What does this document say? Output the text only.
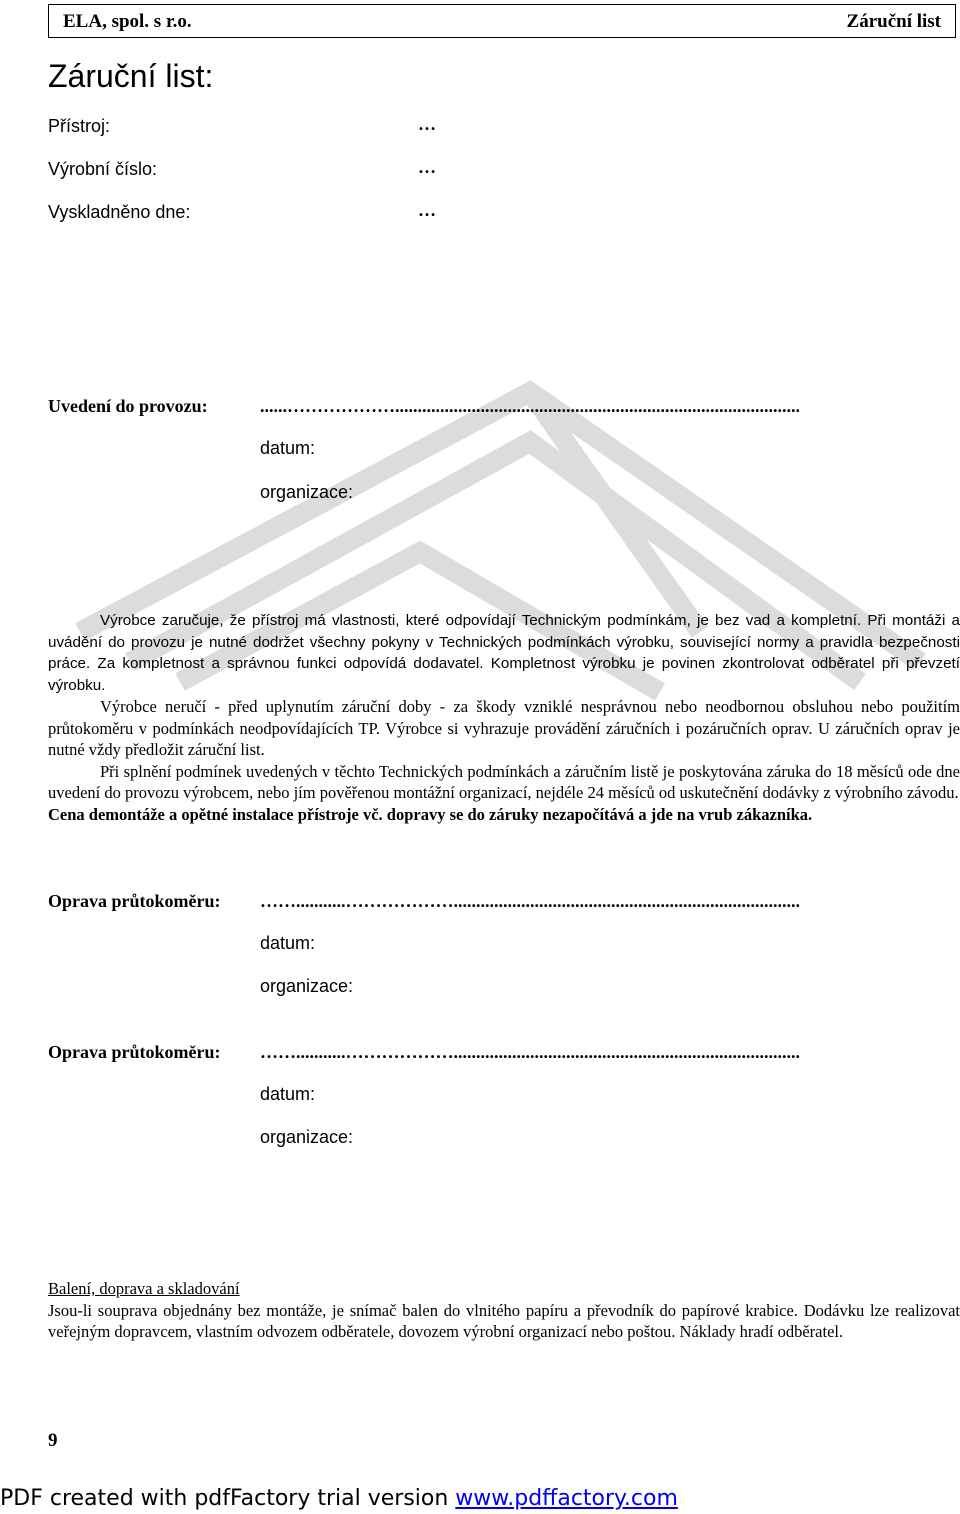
ELA, spol. s r.o.	Záruční list
Záruční list:
Přístroj:	…
Výrobní číslo:	…
Vyskladněno dne:	…
Uvedení do provozu:	......………………..........................................................................................
datum:
organizace:

Výrobce zaručuje, že přístroj má vlastnosti, které odpovídají Technickým podmínkám, je bez vad a kompletní. Při montáži a uvádění do provozu je nutné dodržet všechny pokyny v Technických podmínkách výrobku, související normy a pravidla bezpečnosti práce. Za kompletnost a správnou funkci odpovídá dodavatel. Kompletnost výrobku je povinen zkontrolovat odběratel při převzetí výrobku.

Výrobce neručí - před uplynutím záruční doby - za škody vzniklé nesprávnou nebo neodbornou obsluhou nebo použitím průtokoměru v podmínkách neodpovídajících TP. Výrobce si vyhrazuje provádění záručních i pozáručních oprav. U záručních oprav je nutné vždy předložit záruční list.

Při splnění podmínek uvedených v těchto Technických podmínkách a záručním listě je poskytována záruka do 18 měsíců ode dne uvedení do provozu výrobcem, nebo jím pověřenou montážní organizací, nejdéle 24 měsíců od uskutečnění dodávky z výrobního závodu.

Cena demontáže a opětné instalace přístroje vč. dopravy se do záruky nezapočítává a jde na vrub zákazníka.

Oprava průtokoměru: ……...........……………….............................................................................
datum:
organizace:
Oprava průtokoměru: ……...........……………….............................................................................
datum:
organizace:

Balení, doprava a skladování

Jsou-li souprava objednány bez montáže, je snímač balen do vlnitého papíru a převodník do papírové krabice. Dodávku lze realizovat veřejným dopravcem, vlastním odvozem odběratele, dovozem výrobní organizací nebo poštou. Náklady hradí odběratel.

9
PDF created with pdfFactory trial version www.pdffactory.com
